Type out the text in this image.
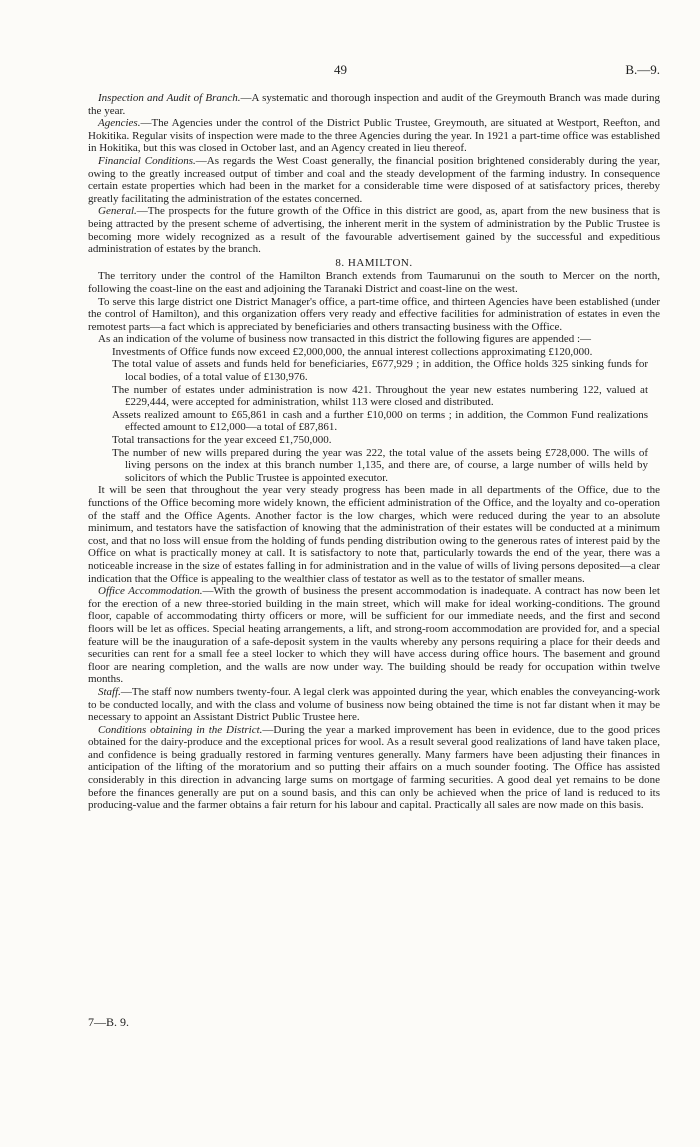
49	B.—9.

Inspection and Audit of Branch.—A systematic and thorough inspection and audit of the Greymouth Branch was made during the year.

Agencies.—The Agencies under the control of the District Public Trustee, Greymouth, are situated at Westport, Reefton, and Hokitika. Regular visits of inspection were made to the three Agencies during the year. In 1921 a part-time office was established in Hokitika, but this was closed in October last, and an Agency created in lieu thereof.

Financial Conditions.—As regards the West Coast generally, the financial position brightened considerably during the year, owing to the greatly increased output of timber and coal and the steady development of the farming industry. In consequence certain estate properties which had been in the market for a considerable time were disposed of at satisfactory prices, thereby greatly facilitating the administration of the estates concerned.

General.—The prospects for the future growth of the Office in this district are good, as, apart from the new business that is being attracted by the present scheme of advertising, the inherent merit in the system of administration by the Public Trustee is becoming more widely recognized as a result of the favourable advertisement gained by the successful and expeditious administration of estates by the branch.

8. HAMILTON.

The territory under the control of the Hamilton Branch extends from Taumarunui on the south to Mercer on the north, following the coast-line on the east and adjoining the Taranaki District and coast-line on the west.

To serve this large district one District Manager's office, a part-time office, and thirteen Agencies have been established (under the control of Hamilton), and this organization offers very ready and effective facilities for administration of estates in even the remotest parts—a fact which is appreciated by beneficiaries and others transacting business with the Office.

As an indication of the volume of business now transacted in this district the following figures are appended :—

Investments of Office funds now exceed £2,000,000, the annual interest collections approximating £120,000.

The total value of assets and funds held for beneficiaries, £677,929 ; in addition, the Office holds 325 sinking funds for local bodies, of a total value of £130,976.

The number of estates under administration is now 421. Throughout the year new estates numbering 122, valued at £229,444, were accepted for administration, whilst 113 were closed and distributed.

Assets realized amount to £65,861 in cash and a further £10,000 on terms ; in addition, the Common Fund realizations effected amount to £12,000—a total of £87,861.

Total transactions for the year exceed £1,750,000.

The number of new wills prepared during the year was 222, the total value of the assets being £728,000. The wills of living persons on the index at this branch number 1,135, and there are, of course, a large number of wills held by solicitors of which the Public Trustee is appointed executor.

It will be seen that throughout the year very steady progress has been made in all departments of the Office, due to the functions of the Office becoming more widely known, the efficient administration of the Office, and the loyalty and co-operation of the staff and the Office Agents. Another factor is the low charges, which were reduced during the year to an absolute minimum, and testators have the satisfaction of knowing that the administration of their estates will be conducted at a minimum cost, and that no loss will ensue from the holding of funds pending distribution owing to the generous rates of interest paid by the Office on what is practically money at call. It is satisfactory to note that, particularly towards the end of the year, there was a noticeable increase in the size of estates falling in for administration and in the value of wills of living persons deposited—a clear indication that the Office is appealing to the wealthier class of testator as well as to the testator of smaller means.

Office Accommodation.—With the growth of business the present accommodation is inadequate. A contract has now been let for the erection of a new three-storied building in the main street, which will make for ideal working-conditions. The ground floor, capable of accommodating thirty officers or more, will be sufficient for our immediate needs, and the first and second floors will be let as offices. Special heating arrangements, a lift, and strong-room accommodation are provided for, and a special feature will be the inauguration of a safe-deposit system in the vaults whereby any persons requiring a place for their deeds and securities can rent for a small fee a steel locker to which they will have access during office hours. The basement and ground floor are nearing completion, and the walls are now under way. The building should be ready for occupation within twelve months.

Staff.—The staff now numbers twenty-four. A legal clerk was appointed during the year, which enables the conveyancing-work to be conducted locally, and with the class and volume of business now being obtained the time is not far distant when it may be necessary to appoint an Assistant District Public Trustee here.

Conditions obtaining in the District.—During the year a marked improvement has been in evidence, due to the good prices obtained for the dairy-produce and the exceptional prices for wool. As a result several good realizations of land have taken place, and confidence is being gradually restored in farming ventures generally. Many farmers have been adjusting their finances in anticipation of the lifting of the moratorium and so putting their affairs on a much sounder footing. The Office has assisted considerably in this direction in advancing large sums on mortgage of farming securities. A good deal yet remains to be done before the finances generally are put on a sound basis, and this can only be achieved when the price of land is reduced to its producing-value and the farmer obtains a fair return for his labour and capital. Practically all sales are now made on this basis.

7—B. 9.
